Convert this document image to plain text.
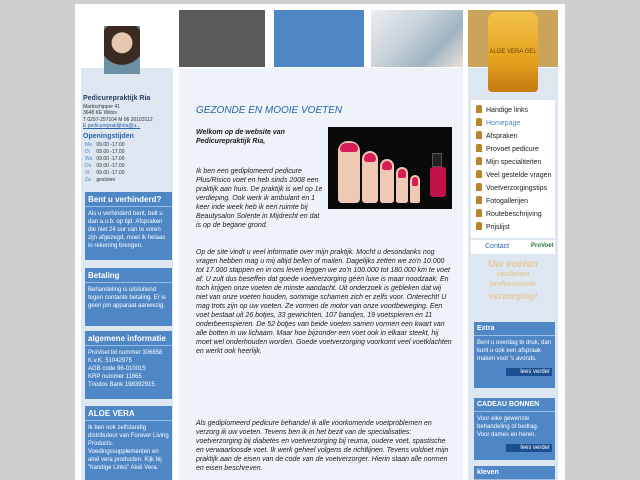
ALOE VERA GEL
Pedicurepraktijk Ria
Markschipper 41
3648 KE Wilnis
T 0297-257104 M 06 20103112
E pedicurepraktijkria@u...
Openingstijden
Ma 09.00 -17.00
Di 09.00 -17.00
Wo 09.00 -17.00
Do 09.00 -17.00
Vr 09.00 -17.00
Za gesloten
Bent u verhinderd?
Als u verhinderd bent, belt u dan a.u.b. op tijd. Afspraken die niet 24 uur van te voren zijn afgezegd, moet ik helaas in rekening brengen.
Betaling
Behandeling is uitsluitend tegen contante betaling. Er is geen pin apparaat aanwezig.
algemene informatie
ProVoet lid nummer 306858
K.v.K. 51042975
AGB code 96-010015
KRP nummer 11865
Triodos Bank 198392915
ALOE VERA
Ik ben ook zelfstandig distributeur van Forever Living Products. Voedingssupplementen en aloë vera producten. Kijk bij "handige Links" Aloë Vera.
GEZONDE EN MOOIE VOETEN
Welkom op de website van Pedicurepraktijk Ria,
Ik ben een gediplomeerd pedicure Plus/Risico voet en heb sinds 2008 een praktijk aan huis. De praktijk is wel op 1e verdieping. Ook werk ik ambulant en 1 keer inde week heb ik een ruimte bij Beautysalon Solente in Mijdrecht en dat is op de begane grond.
Op de site vindt u veel informatie over mijn praktijk. Mocht u desondanks nog vragen hebben mag u mij altijd bellen of mailen. Dagelijks zetten we zo'n 10.000 tot 17.000 stappen en in ons leven leggen we zo'n 100.000 tot 180.000 km te voet af. U zult dus beseffen dat goede voetverzorging géén luxe is maar noodzaak. En toch krijgen onze voeten de minste aandacht. Uit onderzoek is gebleken dat wij niet van onze voeten houden, sommige schamen zich er zelfs voor. Onterecht! U mag trots zijn op uw voeten. Ze vormen de motor van onze voortbeweging. Een voet bestaat uit 26 botjes, 33 gewrichten, 107 bandjes, 19 voetspieren en 11 onderbeenspieren. De 52 botjes van beide voeten samen vormen een kwart van alle botten in uw lichaam. Maar hoe bijzonder een voet ook in elkaar steekt, hij moet wel onderhouden worden. Goede voetverzorging voorkomt veel voetklachten en werkt ook heerlijk.
Als gediplomeerd pedicure behandel ik alle voorkomende voetproblemen en verzorg ik uw voeten. Tevens ben ik in het bezit van de specialisaties: voetverzorging bij diabetes en voetverzorging bij reuma, oudere voet, spastische en verwaarloosde voet. Ik werk geheel volgens de richtlijnen. Tevens voldoet mijn praktijk aan de eisen van de code van de voetverzorger. Hierin staan alle normen en eisen beschreven.
Handige links
Homepage
Afspraken
Provoet pedicure
Mijn specialiteiten
Veel gestelde vragen
Voetverzorgingstips
Fotogallerijen
Routebeschrijving
Prijslijst
Contact	ProVoet
Uw voeten
verdienen
professionele
verzorging!
Extra
Bent u overdag te druk, dan kunt u ook een afspraak maken voor 's avonds.
lees verder
CADEAU BONNEN
Voor elke gewenste behandeling of bedrag. Voor dames en heren.
lees verder
kleven
